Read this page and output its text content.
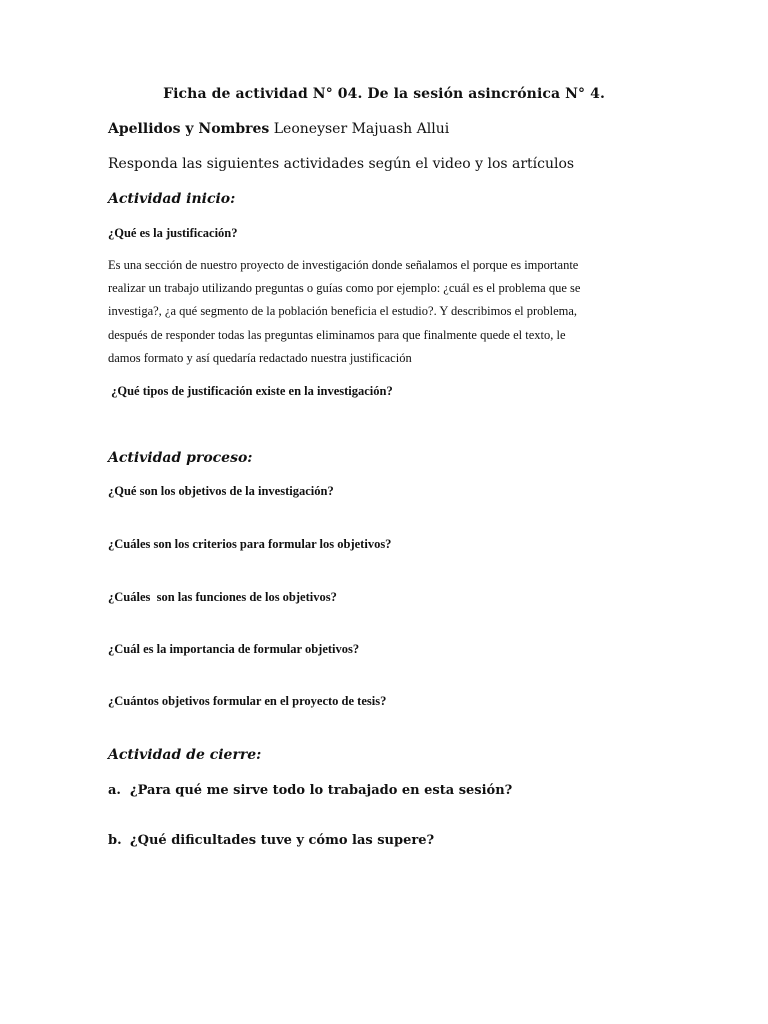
Ficha de actividad N° 04. De la sesión asincrónica N° 4.
Apellidos y Nombres Leoneyser Majuash Allui
Responda las siguientes actividades según el video y los artículos
Actividad inicio:
¿Qué es la justificación?
Es una sección de nuestro proyecto de investigación donde señalamos el porque es importante
realizar un trabajo utilizando preguntas o guías como por ejemplo: ¿cuál es el problema que se
investiga?, ¿a qué segmento de la población beneficia el estudio?. Y describimos el problema,
después de responder todas las preguntas eliminamos para que finalmente quede el texto, le
damos formato y así quedaría redactado nuestra justificación
¿Qué tipos de justificación existe en la investigación?
Actividad proceso:
¿Qué son los objetivos de la investigación?
¿Cuáles son los criterios para formular los objetivos?
¿Cuáles  son las funciones de los objetivos?
¿Cuál es la importancia de formular objetivos?
¿Cuántos objetivos formular en el proyecto de tesis?
Actividad de cierre:
a. ¿Para qué me sirve todo lo trabajado en esta sesión?
b. ¿Qué dificultades tuve y cómo las supere?
